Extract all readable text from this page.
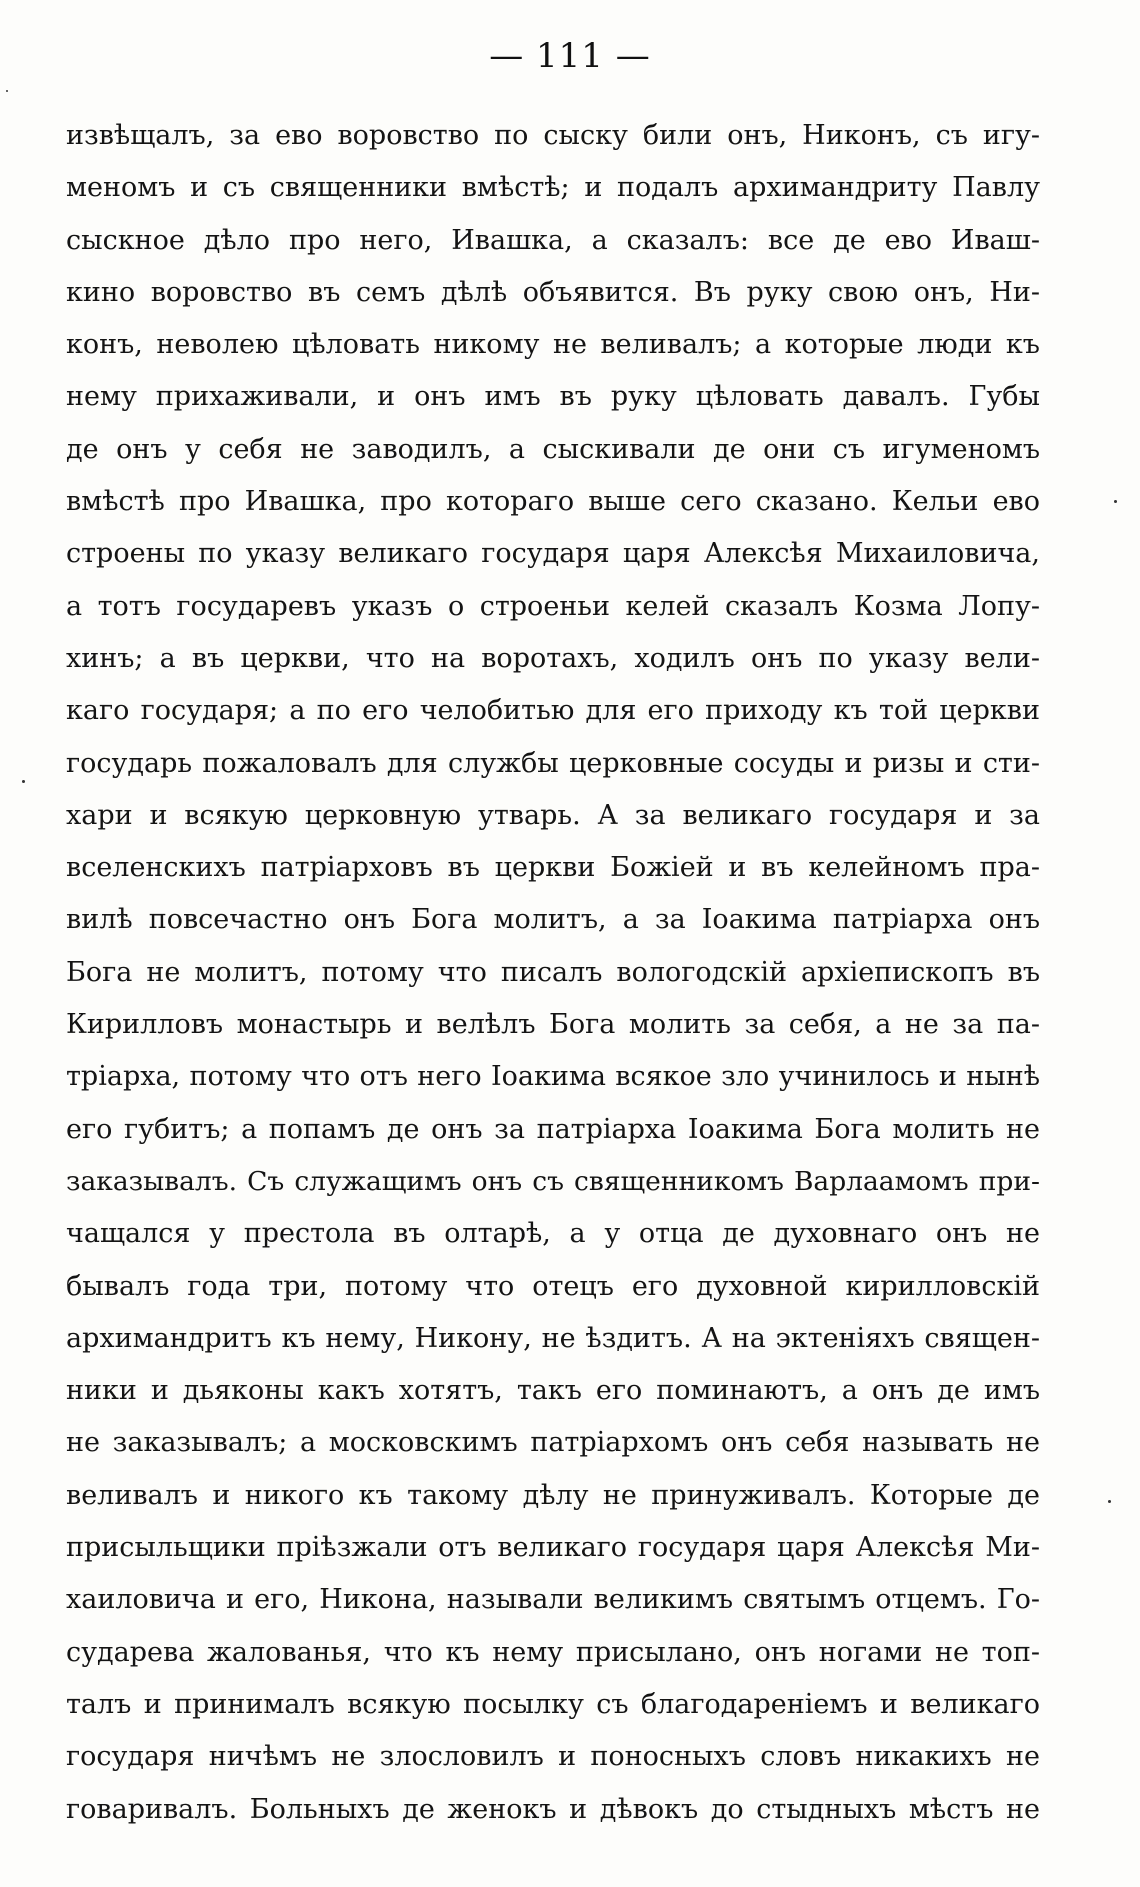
— 111 —
извѣщалъ, за ево воровство по сыску били онъ, Никонъ, съ игу-
меномъ и съ священники вмѣстѣ; и подалъ архимандриту Павлу
сыскное дѣло про него, Ивашка, а сказалъ: все де ево Иваш-
кино воровство въ семъ дѣлѣ объявится. Въ руку свою онъ, Ни-
конъ, неволею цѣловать никому не веливалъ; а которые люди къ
нему прихаживали, и онъ имъ въ руку цѣловать давалъ. Губы
де онъ у себя не заводилъ, а сыскивали де они съ игуменомъ
вмѣстѣ про Ивашка, про котораго выше сего сказано. Кельи ево
строены по указу великаго государя царя Алексѣя Михаиловича,
а тотъ государевъ указъ о строеньи келей сказалъ Козма Лопу-
хинъ; а въ церкви, что на воротахъ, ходилъ онъ по указу вели-
каго государя; а по его челобитью для его приходу къ той церкви
государь пожаловалъ для службы церковные сосуды и ризы и сти-
хари и всякую церковную утварь. А за великаго государя и за
вселенскихъ патріарховъ въ церкви Божіей и въ келейномъ пра-
вилѣ повсечастно онъ Бога молитъ, а за Іоакима патріарха онъ
Бога не молитъ, потому что писалъ вологодскій архіепископъ въ
Кирилловъ монастырь и велѣлъ Бога молить за себя, а не за па-
тріарха, потому что отъ него Іоакима всякое зло учинилось и нынѣ
его губитъ; а попамъ де онъ за патріарха Іоакима Бога молить не
заказывалъ. Съ служащимъ онъ съ священникомъ Варлаамомъ при-
чащался у престола въ олтарѣ, а у отца де духовнаго онъ не
бывалъ года три, потому что отецъ его духовной кирилловскій
архимандритъ къ нему, Никону, не ѣздитъ. А на эктеніяхъ священ-
ники и дьяконы какъ хотятъ, такъ его поминаютъ, а онъ де имъ
не заказывалъ; а московскимъ патріархомъ онъ себя называть не
веливалъ и никого къ такому дѣлу не принуживалъ. Которые де
присыльщики пріѣзжали отъ великаго государя царя Алексѣя Ми-
хаиловича и его, Никона, называли великимъ святымъ отцемъ. Го-
сударева жалованья, что къ нему присылано, онъ ногами не топ-
талъ и принималъ всякую посылку съ благодареніемъ и великаго
государя ничѣмъ не злословилъ и поносныхъ словъ никакихъ не
говаривалъ. Больныхъ де женокъ и дѣвокъ до стыдныхъ мѣстъ не
